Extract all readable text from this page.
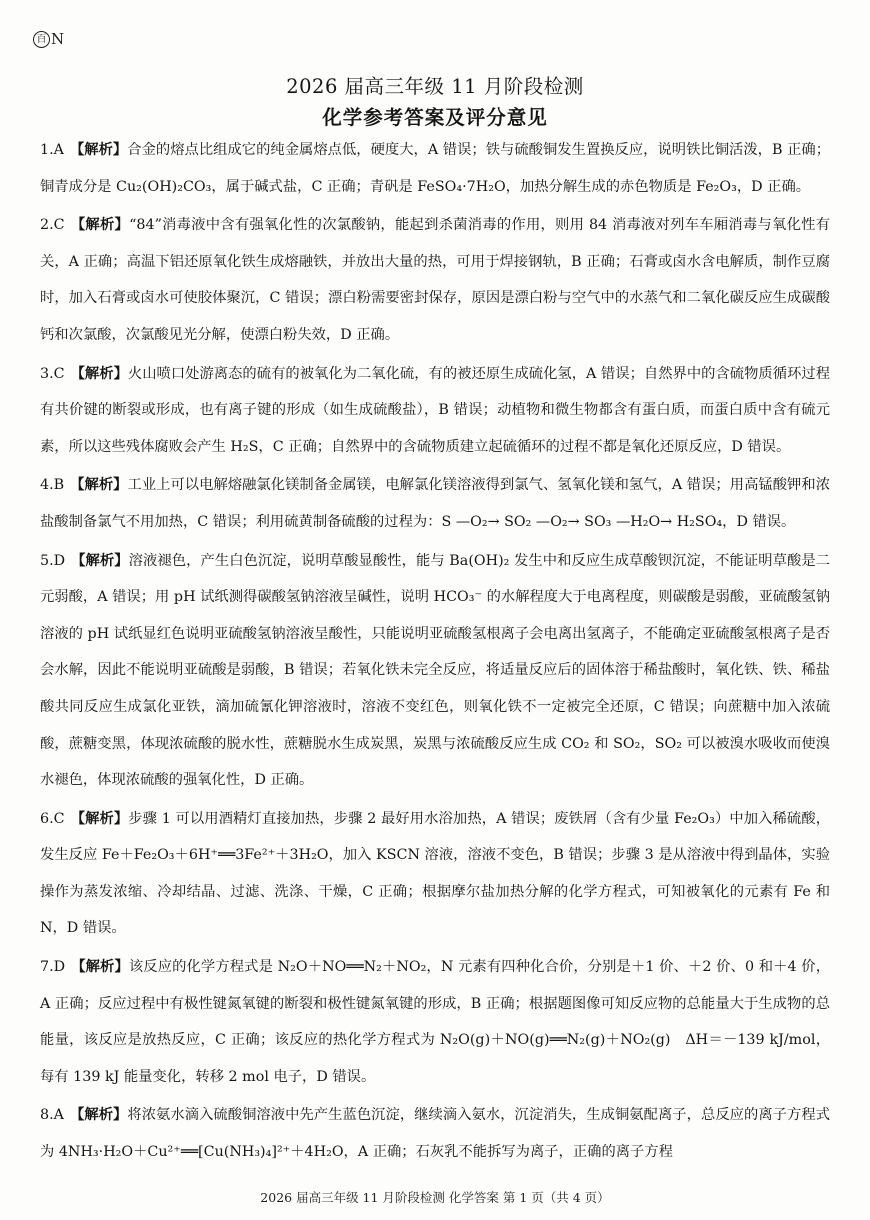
百 N
2026 届高三年级 11 月阶段检测
化学参考答案及评分意见

1.A 【解析】合金的熔点比组成它的纯金属熔点低，硬度大，A 错误；铁与硫酸铜发生置换反应，说明铁比铜活泼，B 正确；铜青成分是 Cu₂(OH)₂CO₃，属于碱式盐，C 正确；青矾是 FeSO₄·7H₂O，加热分解生成的赤色物质是 Fe₂O₃，D 正确。

2.C 【解析】“84”消毒液中含有强氧化性的次氯酸钠，能起到杀菌消毒的作用，则用 84 消毒液对列车车厢消毒与氧化性有关，A 正确；高温下铝还原氧化铁生成熔融铁，并放出大量的热，可用于焊接钢轨，B 正确；石膏或卤水含电解质，制作豆腐时，加入石膏或卤水可使胶体聚沉，C 错误；漂白粉需要密封保存，原因是漂白粉与空气中的水蒸气和二氧化碳反应生成碳酸钙和次氯酸，次氯酸见光分解，使漂白粉失效，D 正确。

3.C 【解析】火山喷口处游离态的硫有的被氧化为二氧化硫，有的被还原生成硫化氢，A 错误；自然界中的含硫物质循环过程有共价键的断裂或形成，也有离子键的形成（如生成硫酸盐），B 错误；动植物和微生物都含有蛋白质，而蛋白质中含有硫元素，所以这些残体腐败会产生 H₂S，C 正确；自然界中的含硫物质建立起硫循环的过程不都是氧化还原反应，D 错误。

4.B 【解析】工业上可以电解熔融氯化镁制备金属镁，电解氯化镁溶液得到氯气、氢氧化镁和氢气，A 错误；用高锰酸钾和浓盐酸制备氯气不用加热，C 错误；利用硫黄制备硫酸的过程为：S —O₂→ SO₂ —O₂→ SO₃ —H₂O→ H₂SO₄，D 错误。

5.D 【解析】溶液褪色，产生白色沉淀，说明草酸显酸性，能与 Ba(OH)₂ 发生中和反应生成草酸钡沉淀，不能证明草酸是二元弱酸，A 错误；用 pH 试纸测得碳酸氢钠溶液呈碱性，说明 HCO₃⁻ 的水解程度大于电离程度，则碳酸是弱酸，亚硫酸氢钠溶液的 pH 试纸显红色说明亚硫酸氢钠溶液呈酸性，只能说明亚硫酸氢根离子会电离出氢离子，不能确定亚硫酸氢根离子是否会水解，因此不能说明亚硫酸是弱酸，B 错误；若氧化铁未完全反应，将适量反应后的固体溶于稀盐酸时，氧化铁、铁、稀盐酸共同反应生成氯化亚铁，滴加硫氰化钾溶液时，溶液不变红色，则氧化铁不一定被完全还原，C 错误；向蔗糖中加入浓硫酸，蔗糖变黑，体现浓硫酸的脱水性，蔗糖脱水生成炭黑，炭黑与浓硫酸反应生成 CO₂ 和 SO₂，SO₂ 可以被溴水吸收而使溴水褪色，体现浓硫酸的强氧化性，D 正确。

6.C 【解析】步骤 1 可以用酒精灯直接加热，步骤 2 最好用水浴加热，A 错误；废铁屑（含有少量 Fe₂O₃）中加入稀硫酸，发生反应 Fe＋Fe₂O₃＋6H⁺══3Fe²⁺＋3H₂O，加入 KSCN 溶液，溶液不变色，B 错误；步骤 3 是从溶液中得到晶体，实验操作为蒸发浓缩、冷却结晶、过滤、洗涤、干燥，C 正确；根据摩尔盐加热分解的化学方程式，可知被氧化的元素有 Fe 和 N，D 错误。

7.D 【解析】该反应的化学方程式是 N₂O＋NO══N₂＋NO₂，N 元素有四种化合价，分别是＋1 价、＋2 价、0 和＋4 价，A 正确；反应过程中有极性键氮氧键的断裂和极性键氮氧键的形成，B 正确；根据题图像可知反应物的总能量大于生成物的总能量，该反应是放热反应，C 正确；该反应的热化学方程式为 N₂O(g)＋NO(g)══N₂(g)＋NO₂(g)　ΔH＝－139 kJ/mol，每有 139 kJ 能量变化，转移 2 mol 电子，D 错误。

8.A 【解析】将浓氨水滴入硫酸铜溶液中先产生蓝色沉淀，继续滴入氨水，沉淀消失，生成铜氨配离子，总反应的离子方程式为 4NH₃·H₂O＋Cu²⁺══[Cu(NH₃)₄]²⁺＋4H₂O，A 正确；石灰乳不能拆写为离子，正确的离子方程

2026 届高三年级 11 月阶段检测 化学答案 第 1 页（共 4 页）
